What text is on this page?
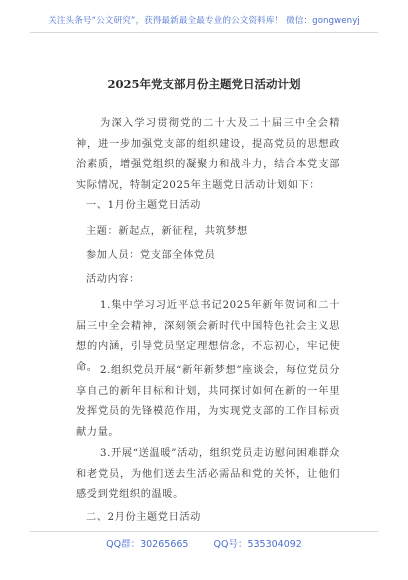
关注头条号“公文研究”，获得最新最全最专业的公文资料库！ 微信：gongwenyj
2025年党支部月份主题党日活动计划

为深入学习贯彻党的二十大及二十届三中全会精神，进一步加强党支部的组织建设，提高党员的思想政治素质，增强党组织的凝聚力和战斗力，结合本党支部实际情况，特制定2025年主题党日活动计划如下：

一、1月份主题党日活动
主题：新起点，新征程，共筑梦想
参加人员：党支部全体党员
活动内容：

1.集中学习习近平总书记2025年新年贺词和二十届三中全会精神，深刻领会新时代中国特色社会主义思想的内涵，引导党员坚定理想信念，不忘初心，牢记使命。 2.组织党员开展“新年新梦想”座谈会，每位党员分享自己的新年目标和计划，共同探讨如何在新的一年里发挥党员的先锋模范作用，为实现党支部的工作目标贡献力量。

3.开展“送温暖”活动，组织党员走访慰问困难群众和老党员，为他们送去生活必需品和党的关怀，让他们感受到党组织的温暖。

二、2月份主题党日活动
QQ群：30265665	QQ号：535304092
